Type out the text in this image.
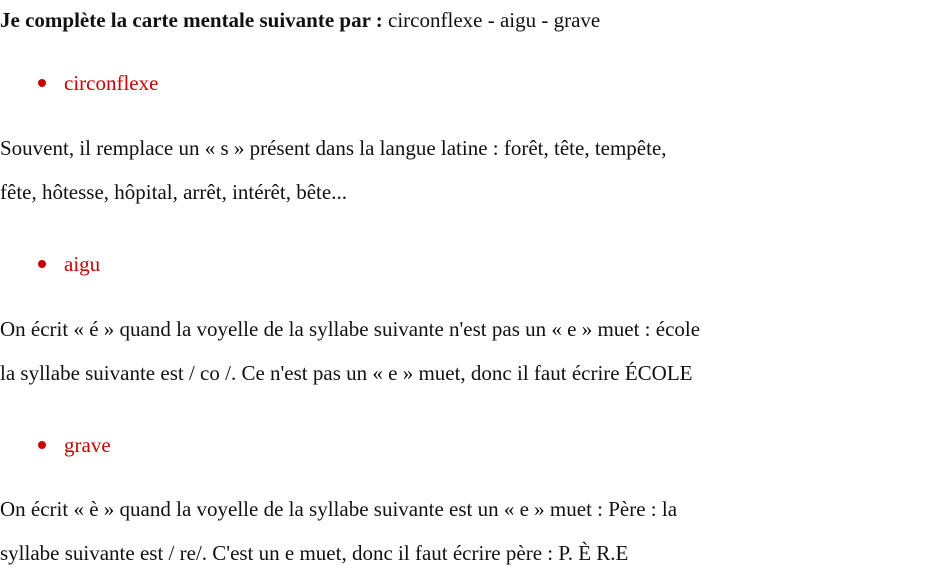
Je complète la carte mentale suivante par : circonflexe - aigu - grave
circonflexe
Souvent, il remplace un « s » présent dans la langue latine : forêt, tête, tempête,
fête, hôtesse, hôpital, arrêt, intérêt, bête...
aigu
On écrit « é » quand la voyelle de la syllabe suivante n'est pas un « e » muet : école
la syllabe suivante est / co /. Ce n'est pas un « e » muet, donc il faut écrire ÉCOLE
grave
On écrit « è » quand la voyelle de la syllabe suivante est un « e » muet : Père : la
syllabe suivante est / re/. C'est un e muet, donc il faut écrire père : P. È R.E
